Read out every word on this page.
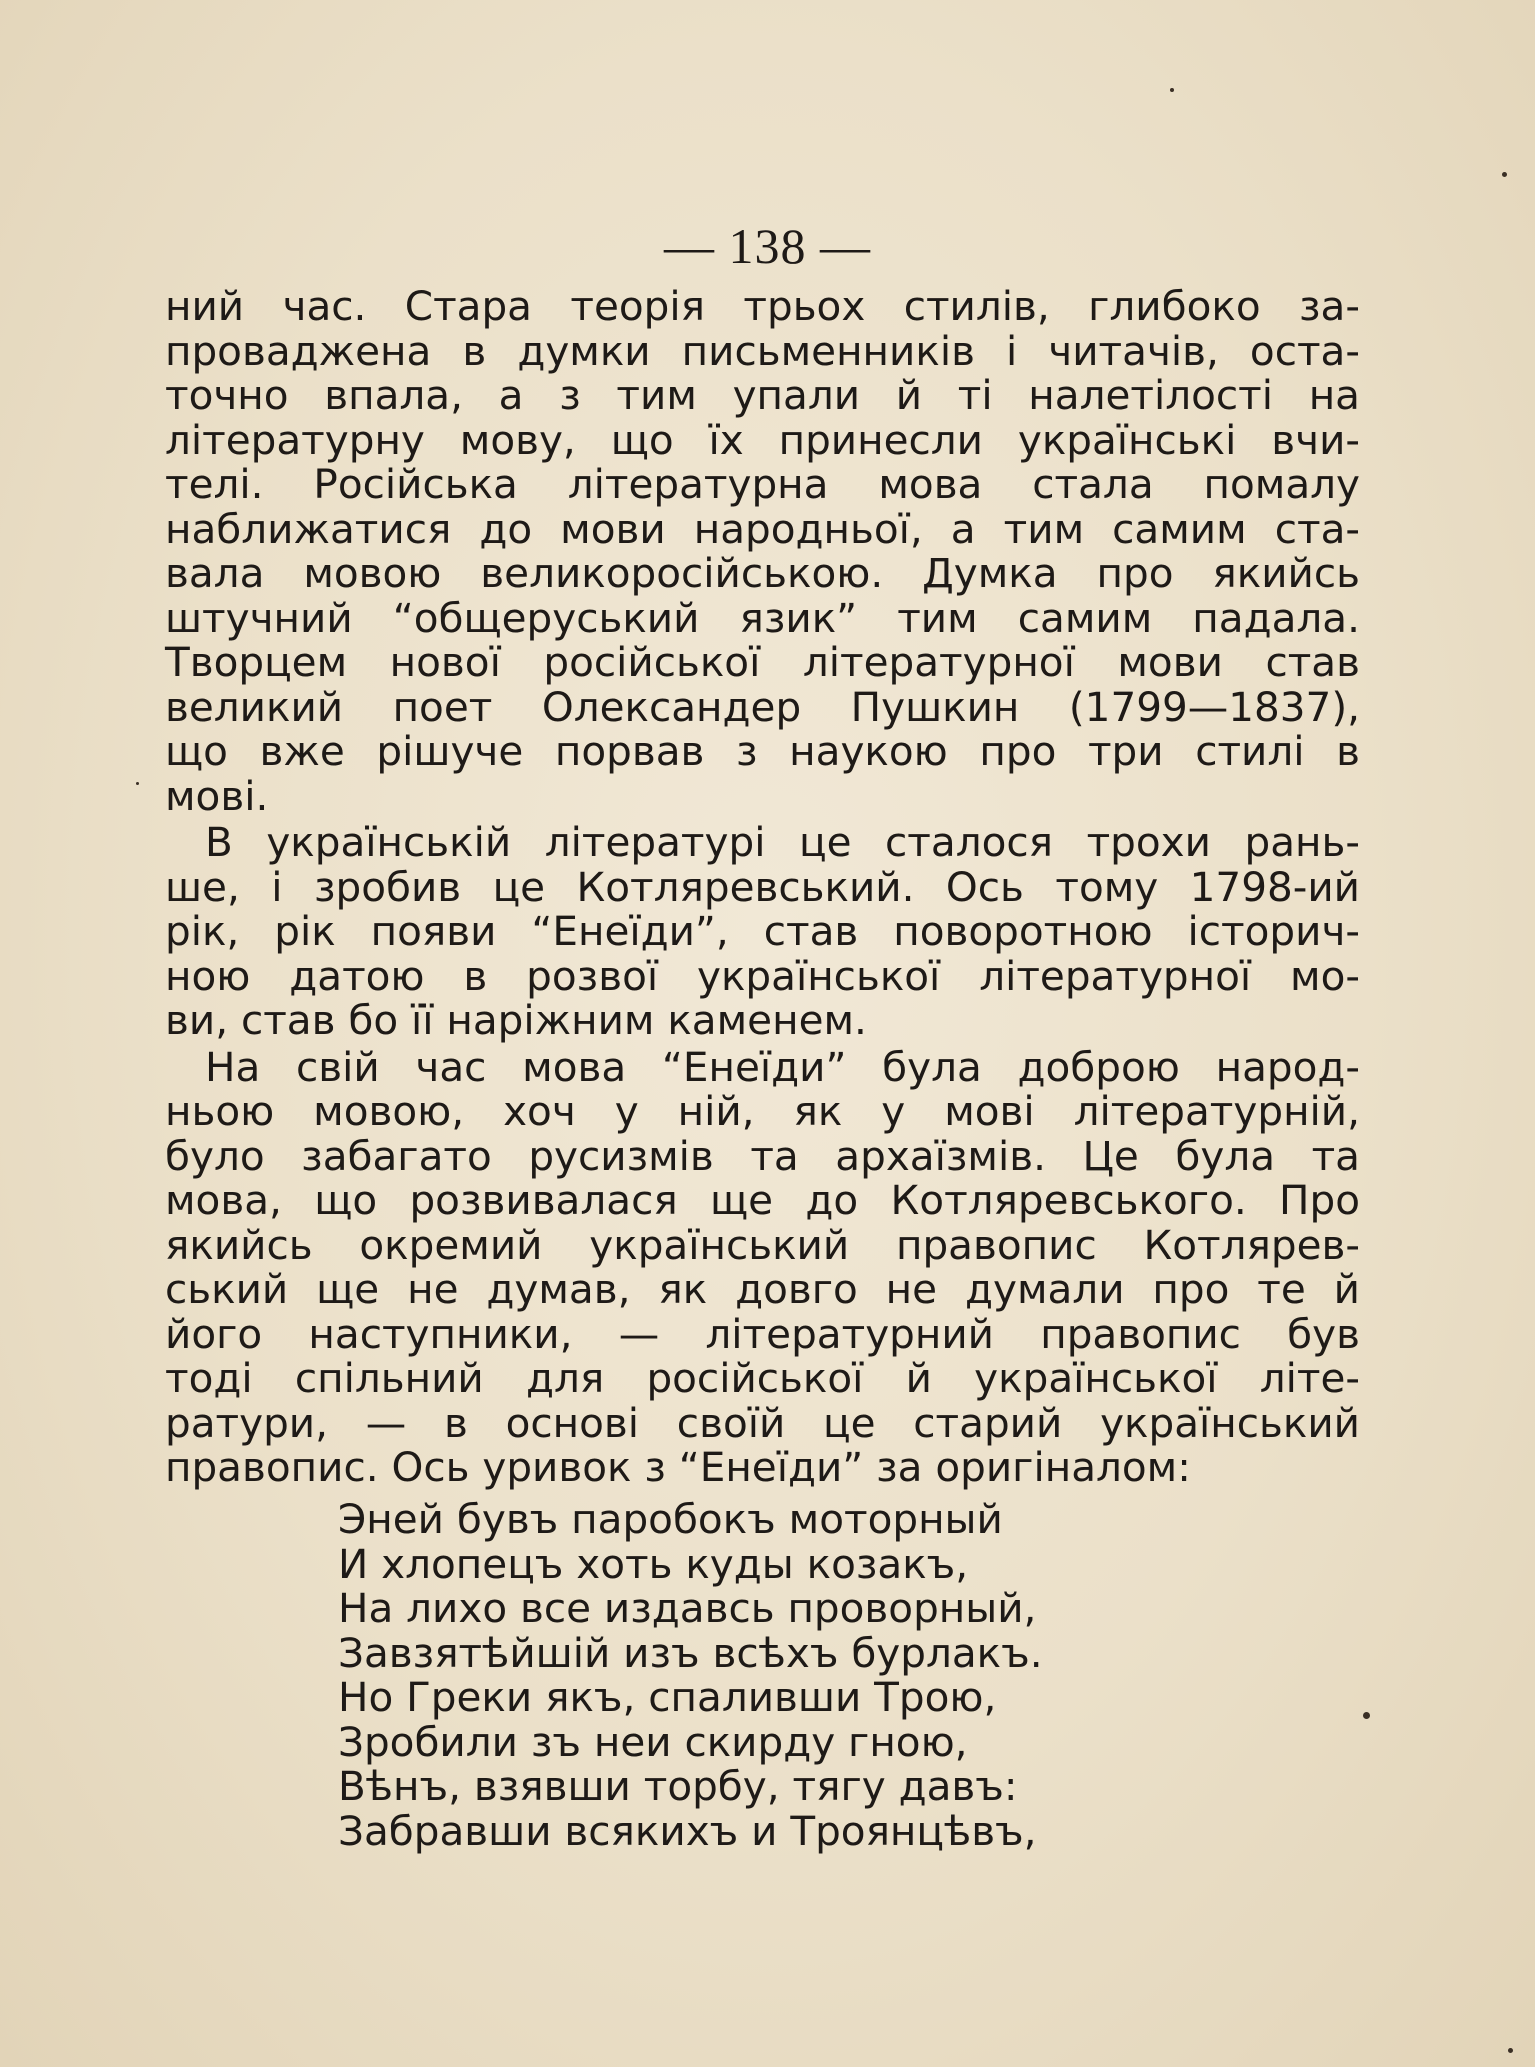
— 138 —
ний час. Стара теорія трьох стилів, глибоко за-
проваджена в думки письменників і читачів, оста-
точно впала, а з тим упали й ті налетілості на
літературну мову, що їх принесли українські вчи-
телі. Російська літературна мова стала помалу
наближатися до мови народньої, а тим самим ста-
вала мовою великоросійською. Думка про якийсь
штучний “общеруський язик” тим самим падала.
Творцем нової російської літературної мови став
великий поет Олександер Пушкин (1799—1837),
що вже рішуче порвав з наукою про три стилі в
мові.
В українській літературі це сталося трохи рань-
ше, і зробив це Котляревський. Ось тому 1798-ий
рік, рік появи “Енеїди”, став поворотною історич-
ною датою в розвої української літературної мо-
ви, став бо її наріжним каменем.
На свій час мова “Енеїди” була доброю народ-
ньою мовою, хоч у ній, як у мові літературній,
було забагато русизмів та архаїзмів. Це була та
мова, що розвивалася ще до Котляревського. Про
якийсь окремий український правопис Котлярев-
ський ще не думав, як довго не думали про те й
його наступники, — літературний правопис був
тоді спільний для російської й української літе-
ратури, — в основі своїй це старий український
правопис. Ось уривок з “Енеїди” за оригіналом:
Эней бувъ паробокъ моторный
И хлопецъ хоть куды козакъ,
На лихо все издавсь проворный,
Завзятѣйшій изъ всѣхъ бурлакъ.
Но Греки якъ, спаливши Трою,
Зробили зъ неи скирду гною,
Вѣнъ, взявши торбу, тягу давъ:
Забравши всякихъ и Троянцѣвъ,
